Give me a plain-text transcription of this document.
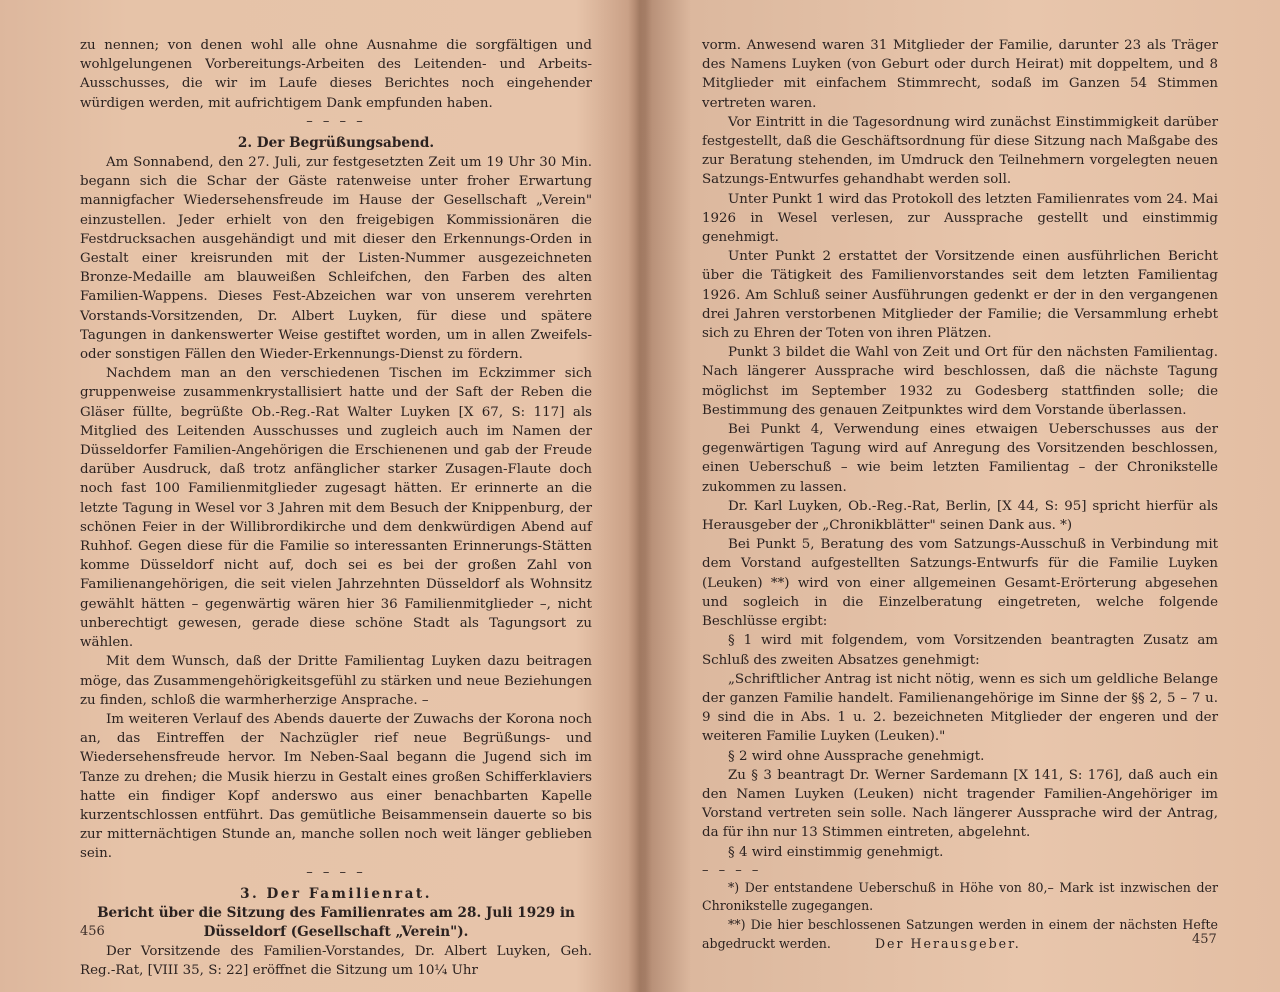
zu nennen; von denen wohl alle ohne Ausnahme die sorgfältigen und wohlgelungenen Vorbereitungs-Arbeiten des Leitenden- und Arbeits-Ausschusses, die wir im Laufe dieses Berichtes noch eingehender würdigen werden, mit aufrichtigem Dank empfunden haben.

– – – –

2. Der Begrüßungsabend.

Am Sonnabend, den 27. Juli, zur festgesetzten Zeit um 19 Uhr 30 Min. begann sich die Schar der Gäste ratenweise unter froher Erwartung mannigfacher Wiedersehensfreude im Hause der Gesellschaft „Verein" einzustellen. Jeder erhielt von den freigebigen Kommissionären die Festdrucksachen ausgehändigt und mit dieser den Erkennungs-Orden in Gestalt einer kreisrunden mit der Listen-Nummer ausgezeichneten Bronze-Medaille am blauweißen Schleifchen, den Farben des alten Familien-Wappens. Dieses Fest-Abzeichen war von unserem verehrten Vorstands-Vorsitzenden, Dr. Albert Luyken, für diese und spätere Tagungen in dankenswerter Weise gestiftet worden, um in allen Zweifels- oder sonstigen Fällen den Wieder-Erkennungs-Dienst zu fördern.

Nachdem man an den verschiedenen Tischen im Eckzimmer sich gruppenweise zusammenkrystallisiert hatte und der Saft der Reben die Gläser füllte, begrüßte Ob.-Reg.-Rat Walter Luyken [X 67, S: 117] als Mitglied des Leitenden Ausschusses und zugleich auch im Namen der Düsseldorfer Familien-Angehörigen die Erschienenen und gab der Freude darüber Ausdruck, daß trotz anfänglicher starker Zusagen-Flaute doch noch fast 100 Familienmitglieder zugesagt hätten. Er erinnerte an die letzte Tagung in Wesel vor 3 Jahren mit dem Besuch der Knippenburg, der schönen Feier in der Willibrordikirche und dem denkwürdigen Abend auf Ruhhof. Gegen diese für die Familie so interessanten Erinnerungs-Stätten komme Düsseldorf nicht auf, doch sei es bei der großen Zahl von Familienangehörigen, die seit vielen Jahrzehnten Düsseldorf als Wohnsitz gewählt hätten – gegenwärtig wären hier 36 Familienmitglieder –, nicht unberechtigt gewesen, gerade diese schöne Stadt als Tagungsort zu wählen.

Mit dem Wunsch, daß der Dritte Familientag Luyken dazu beitragen möge, das Zusammengehörigkeitsgefühl zu stärken und neue Beziehungen zu finden, schloß die warmherherzige Ansprache. –

Im weiteren Verlauf des Abends dauerte der Zuwachs der Korona noch an, das Eintreffen der Nachzügler rief neue Begrüßungs- und Wiedersehensfreude hervor. Im Neben-Saal begann die Jugend sich im Tanze zu drehen; die Musik hierzu in Gestalt eines großen Schifferklaviers hatte ein findiger Kopf anderswo aus einer benachbarten Kapelle kurzentschlossen entführt. Das gemütliche Beisammensein dauerte so bis zur mitternächtigen Stunde an, manche sollen noch weit länger geblieben sein.

– – – –

3. Der Familienrat.

Bericht über die Sitzung des Familienrates am 28. Juli 1929 in Düsseldorf (Gesellschaft „Verein").

Der Vorsitzende des Familien-Vorstandes, Dr. Albert Luyken, Geh. Reg.-Rat, [VIII 35, S: 22] eröffnet die Sitzung um 10¼ Uhr

456

vorm. Anwesend waren 31 Mitglieder der Familie, darunter 23 als Träger des Namens Luyken (von Geburt oder durch Heirat) mit doppeltem, und 8 Mitglieder mit einfachem Stimmrecht, sodaß im Ganzen 54 Stimmen vertreten waren.

Vor Eintritt in die Tagesordnung wird zunächst Einstimmigkeit darüber festgestellt, daß die Geschäftsordnung für diese Sitzung nach Maßgabe des zur Beratung stehenden, im Umdruck den Teilnehmern vorgelegten neuen Satzungs-Entwurfes gehandhabt werden soll.

Unter Punkt 1 wird das Protokoll des letzten Familienrates vom 24. Mai 1926 in Wesel verlesen, zur Aussprache gestellt und einstimmig genehmigt.

Unter Punkt 2 erstattet der Vorsitzende einen ausführlichen Bericht über die Tätigkeit des Familienvorstandes seit dem letzten Familientag 1926. Am Schluß seiner Ausführungen gedenkt er der in den vergangenen drei Jahren verstorbenen Mitglieder der Familie; die Versammlung erhebt sich zu Ehren der Toten von ihren Plätzen.

Punkt 3 bildet die Wahl von Zeit und Ort für den nächsten Familientag. Nach längerer Aussprache wird beschlossen, daß die nächste Tagung möglichst im September 1932 zu Godesberg stattfinden solle; die Bestimmung des genauen Zeitpunktes wird dem Vorstande überlassen.

Bei Punkt 4, Verwendung eines etwaigen Ueberschusses aus der gegenwärtigen Tagung wird auf Anregung des Vorsitzenden beschlossen, einen Ueberschuß – wie beim letzten Familientag – der Chronikstelle zukommen zu lassen.

Dr. Karl Luyken, Ob.-Reg.-Rat, Berlin, [X 44, S: 95] spricht hierfür als Herausgeber der „Chronikblätter" seinen Dank aus. *)

Bei Punkt 5, Beratung des vom Satzungs-Ausschuß in Verbindung mit dem Vorstand aufgestellten Satzungs-Entwurfs für die Familie Luyken (Leuken) **) wird von einer allgemeinen Gesamt-Erörterung abgesehen und sogleich in die Einzelberatung eingetreten, welche folgende Beschlüsse ergibt:

§ 1 wird mit folgendem, vom Vorsitzenden beantragten Zusatz am Schluß des zweiten Absatzes genehmigt:

„Schriftlicher Antrag ist nicht nötig, wenn es sich um geldliche Belange der ganzen Familie handelt. Familienangehörige im Sinne der §§ 2, 5 – 7 u. 9 sind die in Abs. 1 u. 2. bezeichneten Mitglieder der engeren und der weiteren Familie Luyken (Leuken)."

§ 2 wird ohne Aussprache genehmigt.

Zu § 3 beantragt Dr. Werner Sardemann [X 141, S: 176], daß auch ein den Namen Luyken (Leuken) nicht tragender Familien-Angehöriger im Vorstand vertreten sein solle. Nach längerer Aussprache wird der Antrag, da für ihn nur 13 Stimmen eintreten, abgelehnt.

§ 4 wird einstimmig genehmigt.

– – – –

*) Der entstandene Ueberschuß in Höhe von 80,– Mark ist inzwischen der Chronikstelle zugegangen.

**) Die hier beschlossenen Satzungen werden in einem der nächsten Hefte abgedruckt werden.	Der Herausgeber.	457
